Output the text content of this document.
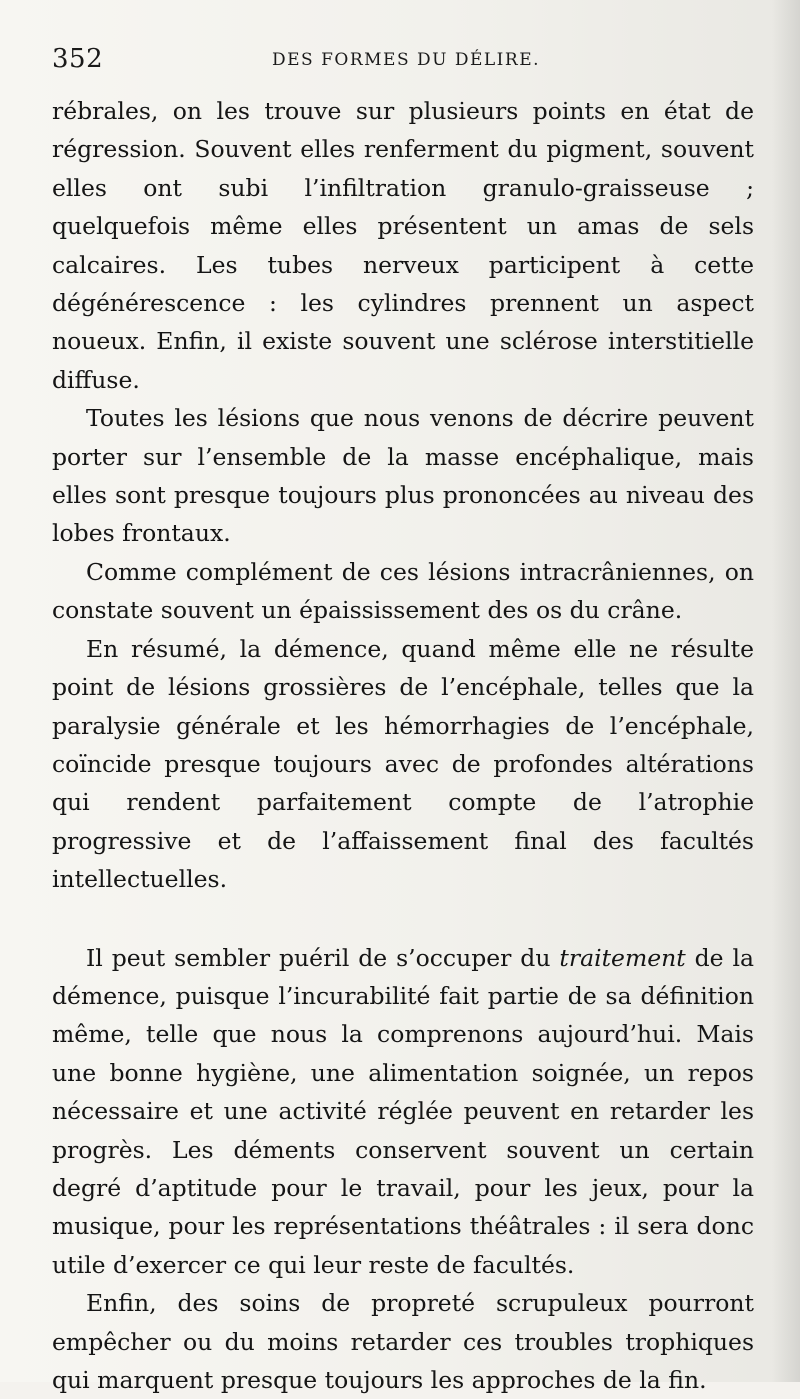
352	DES FORMES DU DÉLIRE.

rébrales, on les trouve sur plusieurs points en état de régression. Souvent elles renferment du pigment, souvent elles ont subi l’infiltration granulo-graisseuse ; quelquefois même elles présentent un amas de sels calcaires. Les tubes nerveux participent à cette dégénérescence : les cylindres prennent un aspect noueux. Enfin, il existe souvent une sclérose interstitielle diffuse.

Toutes les lésions que nous venons de décrire peuvent porter sur l’ensemble de la masse encéphalique, mais elles sont presque toujours plus prononcées au niveau des lobes frontaux.

Comme complément de ces lésions intracrâniennes, on constate souvent un épaississement des os du crâne.

En résumé, la démence, quand même elle ne résulte point de lésions grossières de l’encéphale, telles que la paralysie générale et les hémorrhagies de l’encéphale, coïncide presque toujours avec de profondes altérations qui rendent parfaitement compte de l’atrophie progressive et de l’affaissement final des facultés intellectuelles.

Il peut sembler puéril de s’occuper du traitement de la démence, puisque l’incurabilité fait partie de sa définition même, telle que nous la comprenons aujourd’hui. Mais une bonne hygiène, une alimentation soignée, un repos nécessaire et une activité réglée peuvent en retarder les progrès. Les déments conservent souvent un certain degré d’aptitude pour le travail, pour les jeux, pour la musique, pour les représentations théâtrales : il sera donc utile d’exercer ce qui leur reste de facultés.

Enfin, des soins de propreté scrupuleux pourront empêcher ou du moins retarder ces troubles trophiques qui marquent presque toujours les approches de la fin.
